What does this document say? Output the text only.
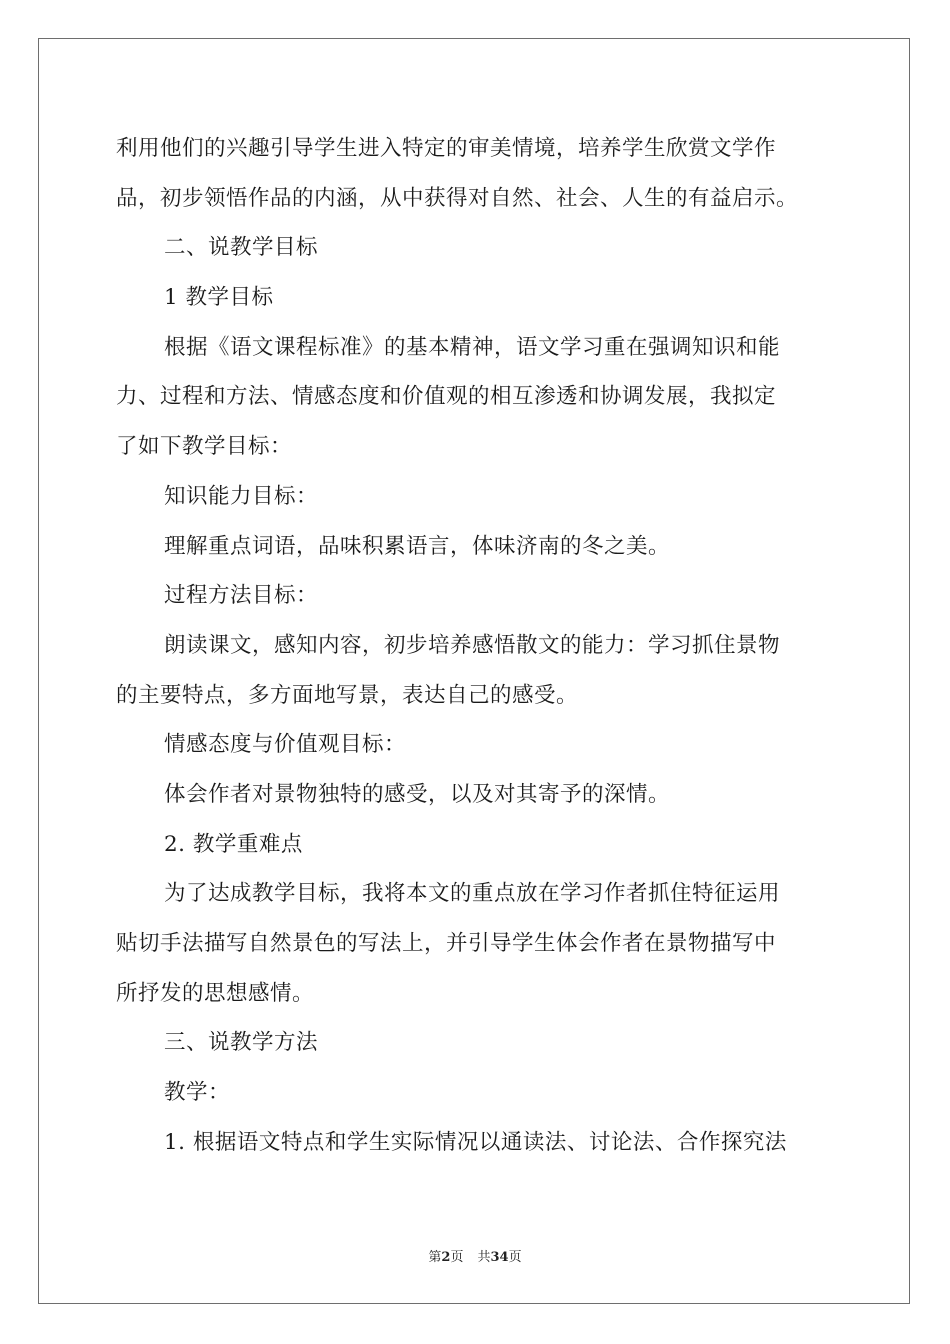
利用他们的兴趣引导学生进入特定的审美情境，培养学生欣赏文学作
品，初步领悟作品的内涵，从中获得对自然、社会、人生的有益启示。
二、说教学目标
1 教学目标
根据《语文课程标准》的基本精神，语文学习重在强调知识和能
力、过程和方法、情感态度和价值观的相互渗透和协调发展，我拟定
了如下教学目标：
知识能力目标：
理解重点词语，品味积累语言，体味济南的冬之美。
过程方法目标：
朗读课文，感知内容，初步培养感悟散文的能力：学习抓住景物
的主要特点，多方面地写景，表达自己的感受。
情感态度与价值观目标：
体会作者对景物独特的感受，以及对其寄予的深情。
2. 教学重难点
为了达成教学目标，我将本文的重点放在学习作者抓住特征运用
贴切手法描写自然景色的写法上，并引导学生体会作者在景物描写中
所抒发的思想感情。
三、说教学方法
教学：
1. 根据语文特点和学生实际情况以通读法、讨论法、合作探究法
第2页 共34页
